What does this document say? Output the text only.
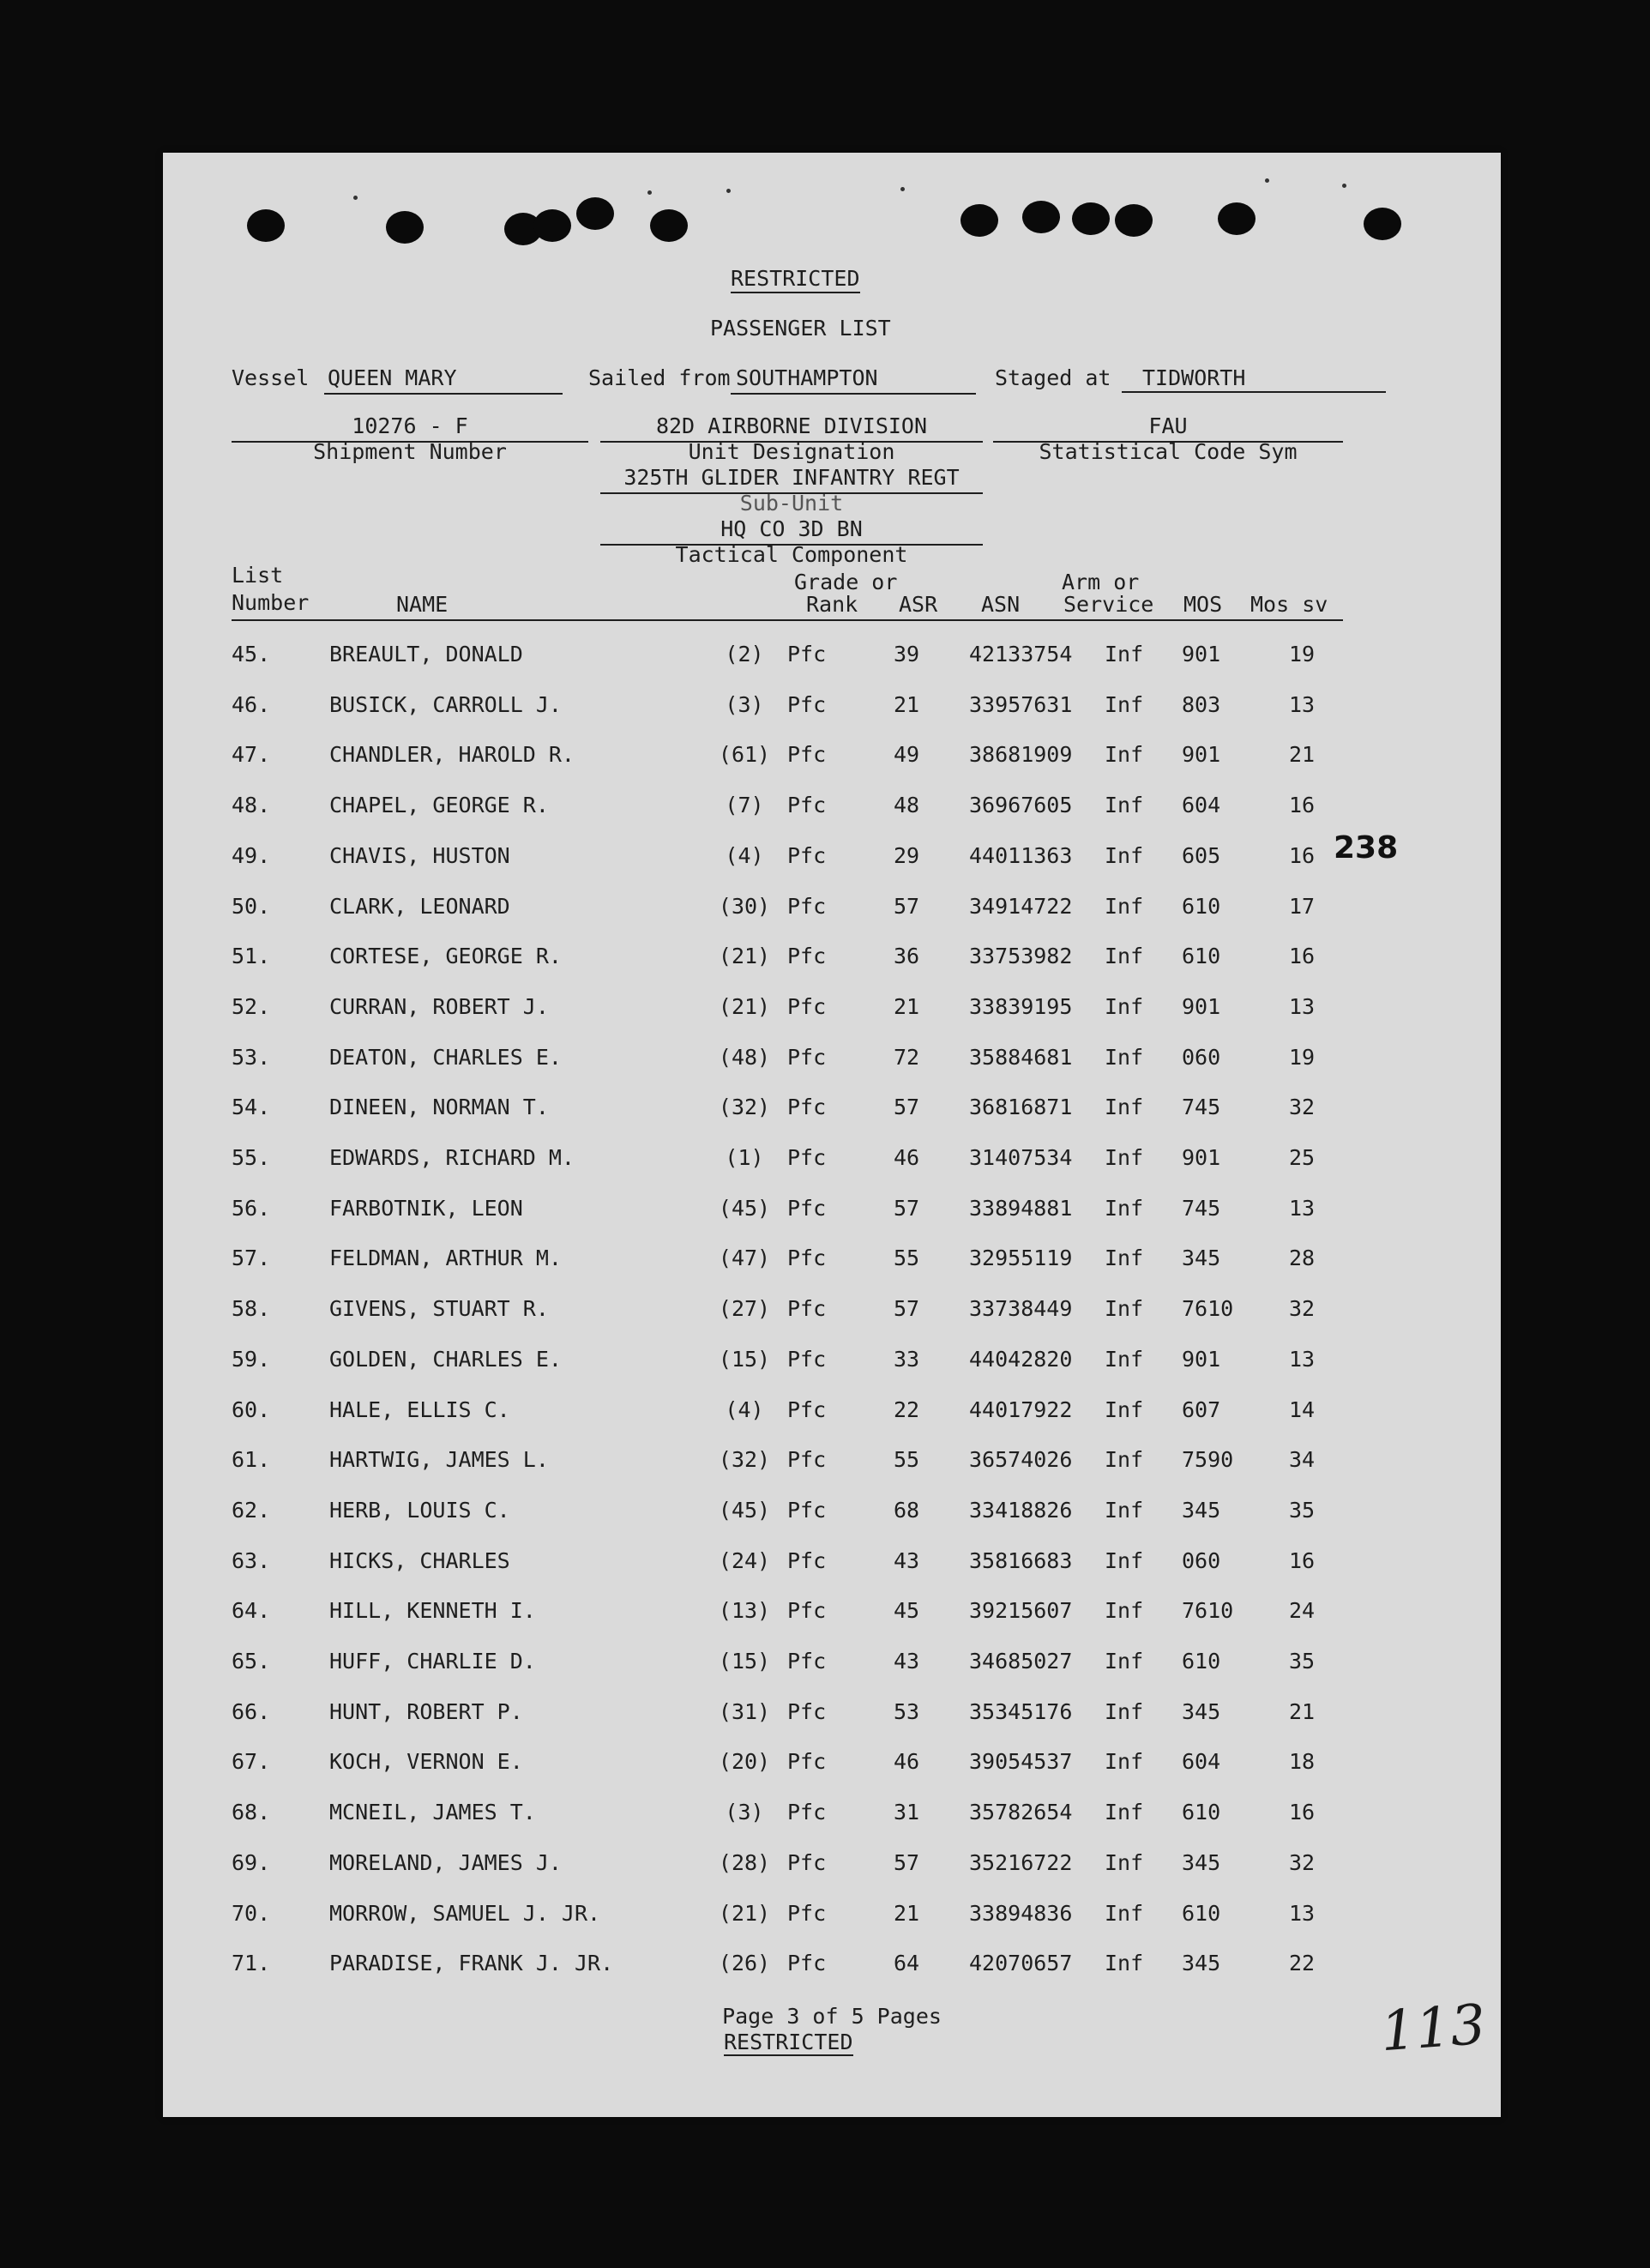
RESTRICTED
PASSENGER LIST
Vessel QUEEN MARY	Sailed from SOUTHAMPTON	Staged at TIDWORTH
10276 - F
Shipment Number
82D AIRBORNE DIVISION
Unit Designation
325TH GLIDER INFANTRY REGT
Sub-Unit
HQ CO 3D BN
Tactical Component
FAU
Statistical Code Sym
List
Number	NAME
Grade or
Rank ASR ASN
Arm or
Service MOS Mos sv
45.	BREAULT, DONALD	(2)	Pfc	39 42133754 Inf 901	19
46.	BUSICK, CARROLL J.	(3)	Pfc	21 33957631 Inf 803	13
47.	CHANDLER, HAROLD R.	(61) Pfc	49 38681909 Inf 901	21
48.	CHAPEL, GEORGE R.	(7)	Pfc	48 36967605 Inf 604	16
49.	CHAVIS, HUSTON	(4)	Pfc	29 44011363 Inf 605	16
50.	CLARK, LEONARD	(30) Pfc	57 34914722 Inf 610	17
51.	CORTESE, GEORGE R.	(21) Pfc	36 33753982 Inf 610	16
52.	CURRAN, ROBERT J.	(21) Pfc	21 33839195 Inf 901	13
53.	DEATON, CHARLES E.	(48) Pfc	72 35884681 Inf 060	19
54.	DINEEN, NORMAN T.	(32) Pfc	57 36816871 Inf 745	32
55.	EDWARDS, RICHARD M.	(1)	Pfc	46 31407534 Inf 901	25
56.	FARBOTNIK, LEON	(45) Pfc	57 33894881 Inf 745	13
57.	FELDMAN, ARTHUR M.	(47) Pfc	55 32955119 Inf 345	28
58.	GIVENS, STUART R.	(27) Pfc	57 33738449 Inf 7610	32
59.	GOLDEN, CHARLES E.	(15) Pfc	33 44042820 Inf 901	13
60.	HALE, ELLIS C.	(4)	Pfc	22 44017922 Inf 607	14
61.	HARTWIG, JAMES L.	(32) Pfc	55 36574026 Inf 7590	34
62.	HERB, LOUIS C.	(45) Pfc	68 33418826 Inf 345	35
63.	HICKS, CHARLES	(24) Pfc	43 35816683 Inf 060	16
64.	HILL, KENNETH I.	(13) Pfc	45 39215607 Inf 7610	24
65.	HUFF, CHARLIE D.	(15) Pfc	43 34685027 Inf 610	35
66.	HUNT, ROBERT P.	(31) Pfc	53 35345176 Inf 345	21
67.	KOCH, VERNON E.	(20) Pfc	46 39054537 Inf 604	18
68.	MCNEIL, JAMES T.	(3)	Pfc	31 35782654 Inf 610	16
69.	MORELAND, JAMES J.	(28) Pfc	57 35216722 Inf 345	32
70.	MORROW, SAMUEL J. JR.	(21) Pfc	21 33894836 Inf 610	13
71.	PARADISE, FRANK J. JR.	(26) Pfc	64 42070657 Inf 345	22
238
Page 3 of 5 Pages
RESTRICTED	113
